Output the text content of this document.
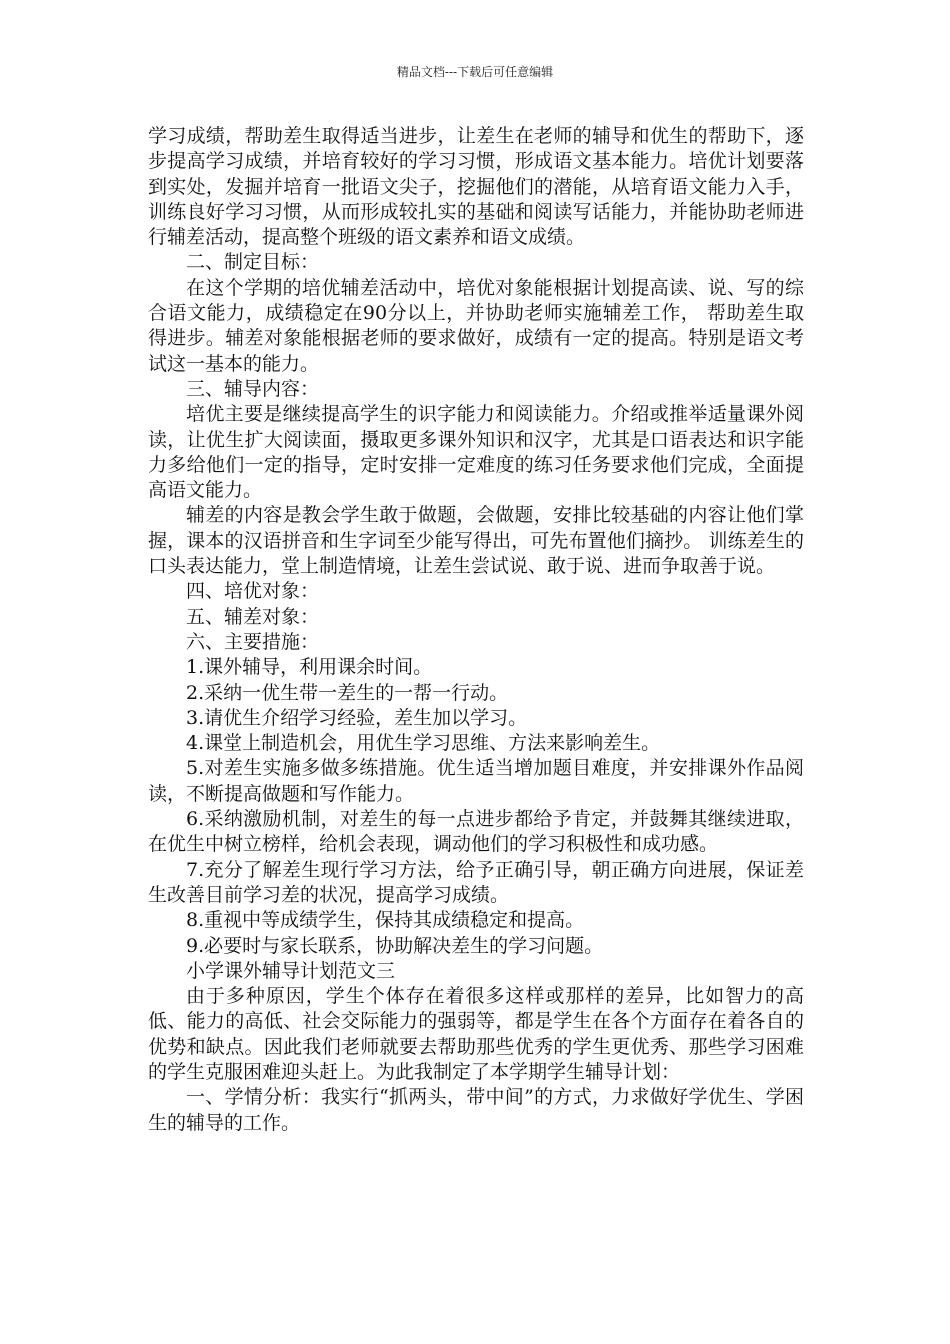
精品文档---下载后可任意编辑

学习成绩，帮助差生取得适当进步，让差生在老师的辅导和优生的帮助下，逐步提高学习成绩，并培育较好的学习习惯，形成语文基本能力。培优计划要落到实处，发掘并培育一批语文尖子，挖掘他们的潜能，从培育语文能力入手，训练良好学习习惯，从而形成较扎实的基础和阅读写话能力，并能协助老师进行辅差活动，提高整个班级的语文素养和语文成绩。

二、制定目标：

在这个学期的培优辅差活动中，培优对象能根据计划提高读、说、写的综合语文能力，成绩稳定在90分以上，并协助老师实施辅差工作， 帮助差生取得进步。辅差对象能根据老师的要求做好，成绩有一定的提高。特别是语文考试这一基本的能力。

三、辅导内容：

培优主要是继续提高学生的识字能力和阅读能力。介绍或推举适量课外阅读，让优生扩大阅读面，摄取更多课外知识和汉字，尤其是口语表达和识字能力多给他们一定的指导，定时安排一定难度的练习任务要求他们完成，全面提高语文能力。

辅差的内容是教会学生敢于做题，会做题，安排比较基础的内容让他们掌握，课本的汉语拼音和生字词至少能写得出，可先布置他们摘抄。 训练差生的口头表达能力，堂上制造情境，让差生尝试说、敢于说、进而争取善于说。

四、培优对象：

五、辅差对象：

六、主要措施：

1.课外辅导，利用课余时间。

2.采纳一优生带一差生的一帮一行动。

3.请优生介绍学习经验，差生加以学习。

4.课堂上制造机会，用优生学习思维、方法来影响差生。

5.对差生实施多做多练措施。优生适当增加题目难度，并安排课外作品阅读，不断提高做题和写作能力。

6.采纳激励机制，对差生的每一点进步都给予肯定，并鼓舞其继续进取，在优生中树立榜样，给机会表现，调动他们的学习积极性和成功感。

7.充分了解差生现行学习方法，给予正确引导，朝正确方向进展，保证差生改善目前学习差的状况，提高学习成绩。

8.重视中等成绩学生，保持其成绩稳定和提高。

9.必要时与家长联系，协助解决差生的学习问题。

小学课外辅导计划范文三

由于多种原因，学生个体存在着很多这样或那样的差异，比如智力的高低、能力的高低、社会交际能力的强弱等，都是学生在各个方面存在着各自的优势和缺点。因此我们老师就要去帮助那些优秀的学生更优秀、那些学习困难的学生克服困难迎头赶上。为此我制定了本学期学生辅导计划：

一、学情分析：我实行“抓两头，带中间”的方式，力求做好学优生、学困生的辅导的工作。
